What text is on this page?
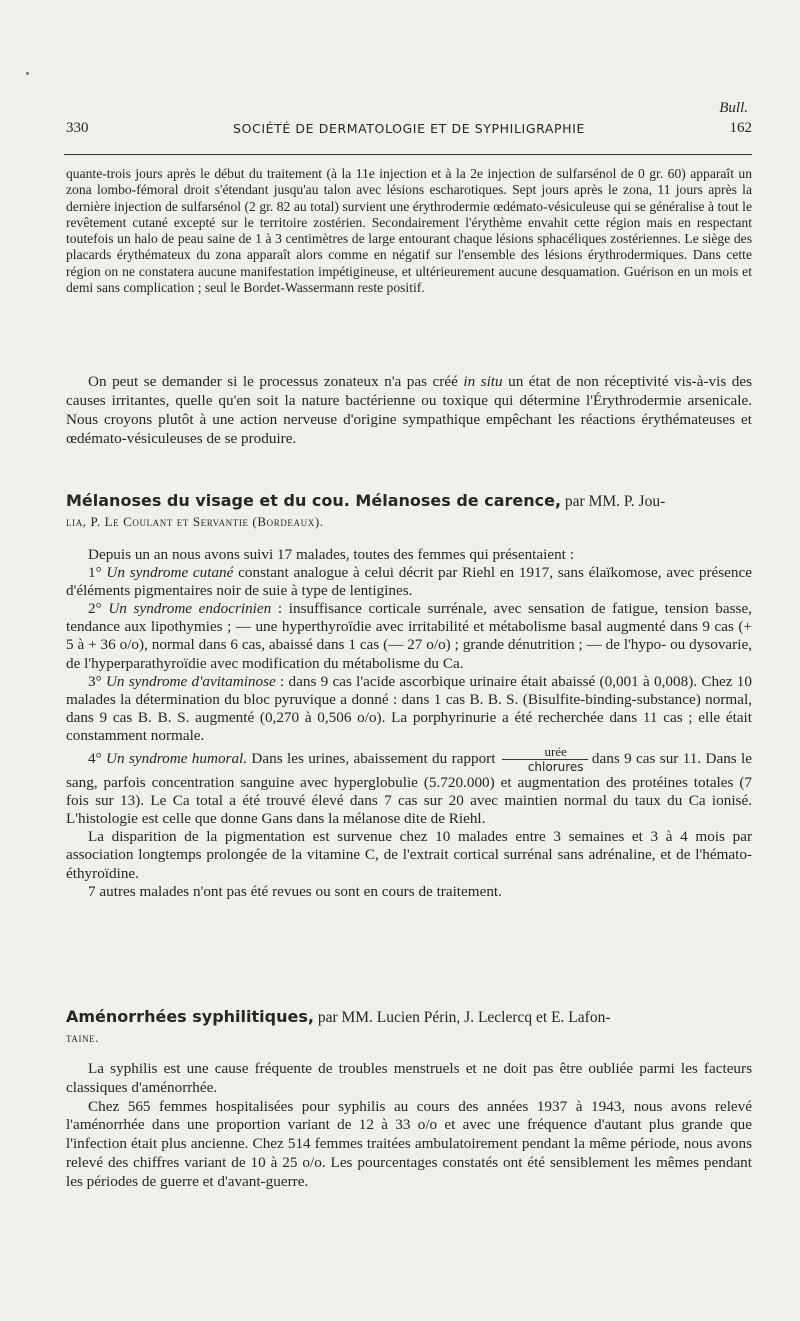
Bull.
330	SOCIÉTÉ DE DERMATOLOGIE ET DE SYPHILIGRAPHIE	162

quante-trois jours après le début du traitement (à la 11e injection et à la 2e injection de sulfarsénol de 0 gr. 60) apparaît un zona lombo-fémoral droit s'étendant jusqu'au talon avec lésions escharotiques. Sept jours après le zona, 11 jours après la dernière injection de sulfarsénol (2 gr. 82 au total) survient une érythrodermie œdémato-vésiculeuse qui se généralise à tout le revêtement cutané excepté sur le territoire zostérien. Secondairement l'érythème envahit cette région mais en respectant toutefois un halo de peau saine de 1 à 3 centimètres de large entourant chaque lésions sphacéliques zostériennes. Le siège des placards érythémateux du zona apparaît alors comme en négatif sur l'ensemble des lésions érythrodermiques. Dans cette région on ne constatera aucune manifestation impétigineuse, et ultérieurement aucune desquamation. Guérison en un mois et demi sans complication ; seul le Bordet-Wassermann reste positif.

On peut se demander si le processus zonateux n'a pas créé in situ un état de non réceptivité vis-à-vis des causes irritantes, quelle qu'en soit la nature bactérienne ou toxique qui détermine l'Érythrodermie arsenicale. Nous croyons plutôt à une action nerveuse d'origine sympathique empêchant les réactions érythémateuses et œdémato-vésiculeuses de se produire.

Mélanoses du visage et du cou. Mélanoses de carence, par MM. P. Jou-
lia, P. Le Coulant et Servantie (Bordeaux).

Depuis un an nous avons suivi 17 malades, toutes des femmes qui présentaient :

1° Un syndrome cutané constant analogue à celui décrit par Riehl en 1917, sans élaïkomose, avec présence d'éléments pigmentaires noir de suie à type de lentigines.

2° Un syndrome endocrinien : insuffisance corticale surrénale, avec sensation de fatigue, tension basse, tendance aux lipothymies ; — une hyperthyroïdie avec irritabilité et métabolisme basal augmenté dans 9 cas (+ 5 à + 36 o/o), normal dans 6 cas, abaissé dans 1 cas (— 27 o/o) ; grande dénutrition ; — de l'hypo- ou dysovarie, de l'hyperparathyroïdie avec modification du métabolisme du Ca.

3° Un syndrome d'avitaminose : dans 9 cas l'acide ascorbique urinaire était abaissé (0,001 à 0,008). Chez 10 malades la détermination du bloc pyruvique a donné : dans 1 cas B. B. S. (Bisulfite-binding-substance) normal, dans 9 cas B. B. S. augmenté (0,270 à 0,506 o/o). La porphyrinurie a été recherchée dans 11 cas ; elle était constamment normale.

4° Un syndrome humoral. Dans les urines, abaissement du rapport $\frac{\text{urée}}{\text{chlorures}}$ dans 9 cas sur 11. Dans le sang, parfois concentration sanguine avec hyperglobulie (5.720.000) et augmentation des protéines totales (7 fois sur 13). Le Ca total a été trouvé élevé dans 7 cas sur 20 avec maintien normal du taux du Ca ionisé. L'histologie est celle que donne Gans dans la mélanose dite de Riehl.

La disparition de la pigmentation est survenue chez 10 malades entre 3 semaines et 3 à 4 mois par association longtemps prolongée de la vitamine C, de l'extrait cortical surrénal sans adrénaline, et de l'hémato-éthyroïdine.

7 autres malades n'ont pas été revues ou sont en cours de traitement.

Aménorrhées syphilitiques, par MM. Lucien Périn, J. Leclercq et E. Lafon-
taine.

La syphilis est une cause fréquente de troubles menstruels et ne doit pas être oubliée parmi les facteurs classiques d'aménorrhée.

Chez 565 femmes hospitalisées pour syphilis au cours des années 1937 à 1943, nous avons relevé l'aménorrhée dans une proportion variant de 12 à 33 o/o et avec une fréquence d'autant plus grande que l'infection était plus ancienne. Chez 514 femmes traitées ambulatoirement pendant la même période, nous avons relevé des chiffres variant de 10 à 25 o/o. Les pourcentages constatés ont été sensiblement les mêmes pendant les périodes de guerre et d'avant-guerre.
